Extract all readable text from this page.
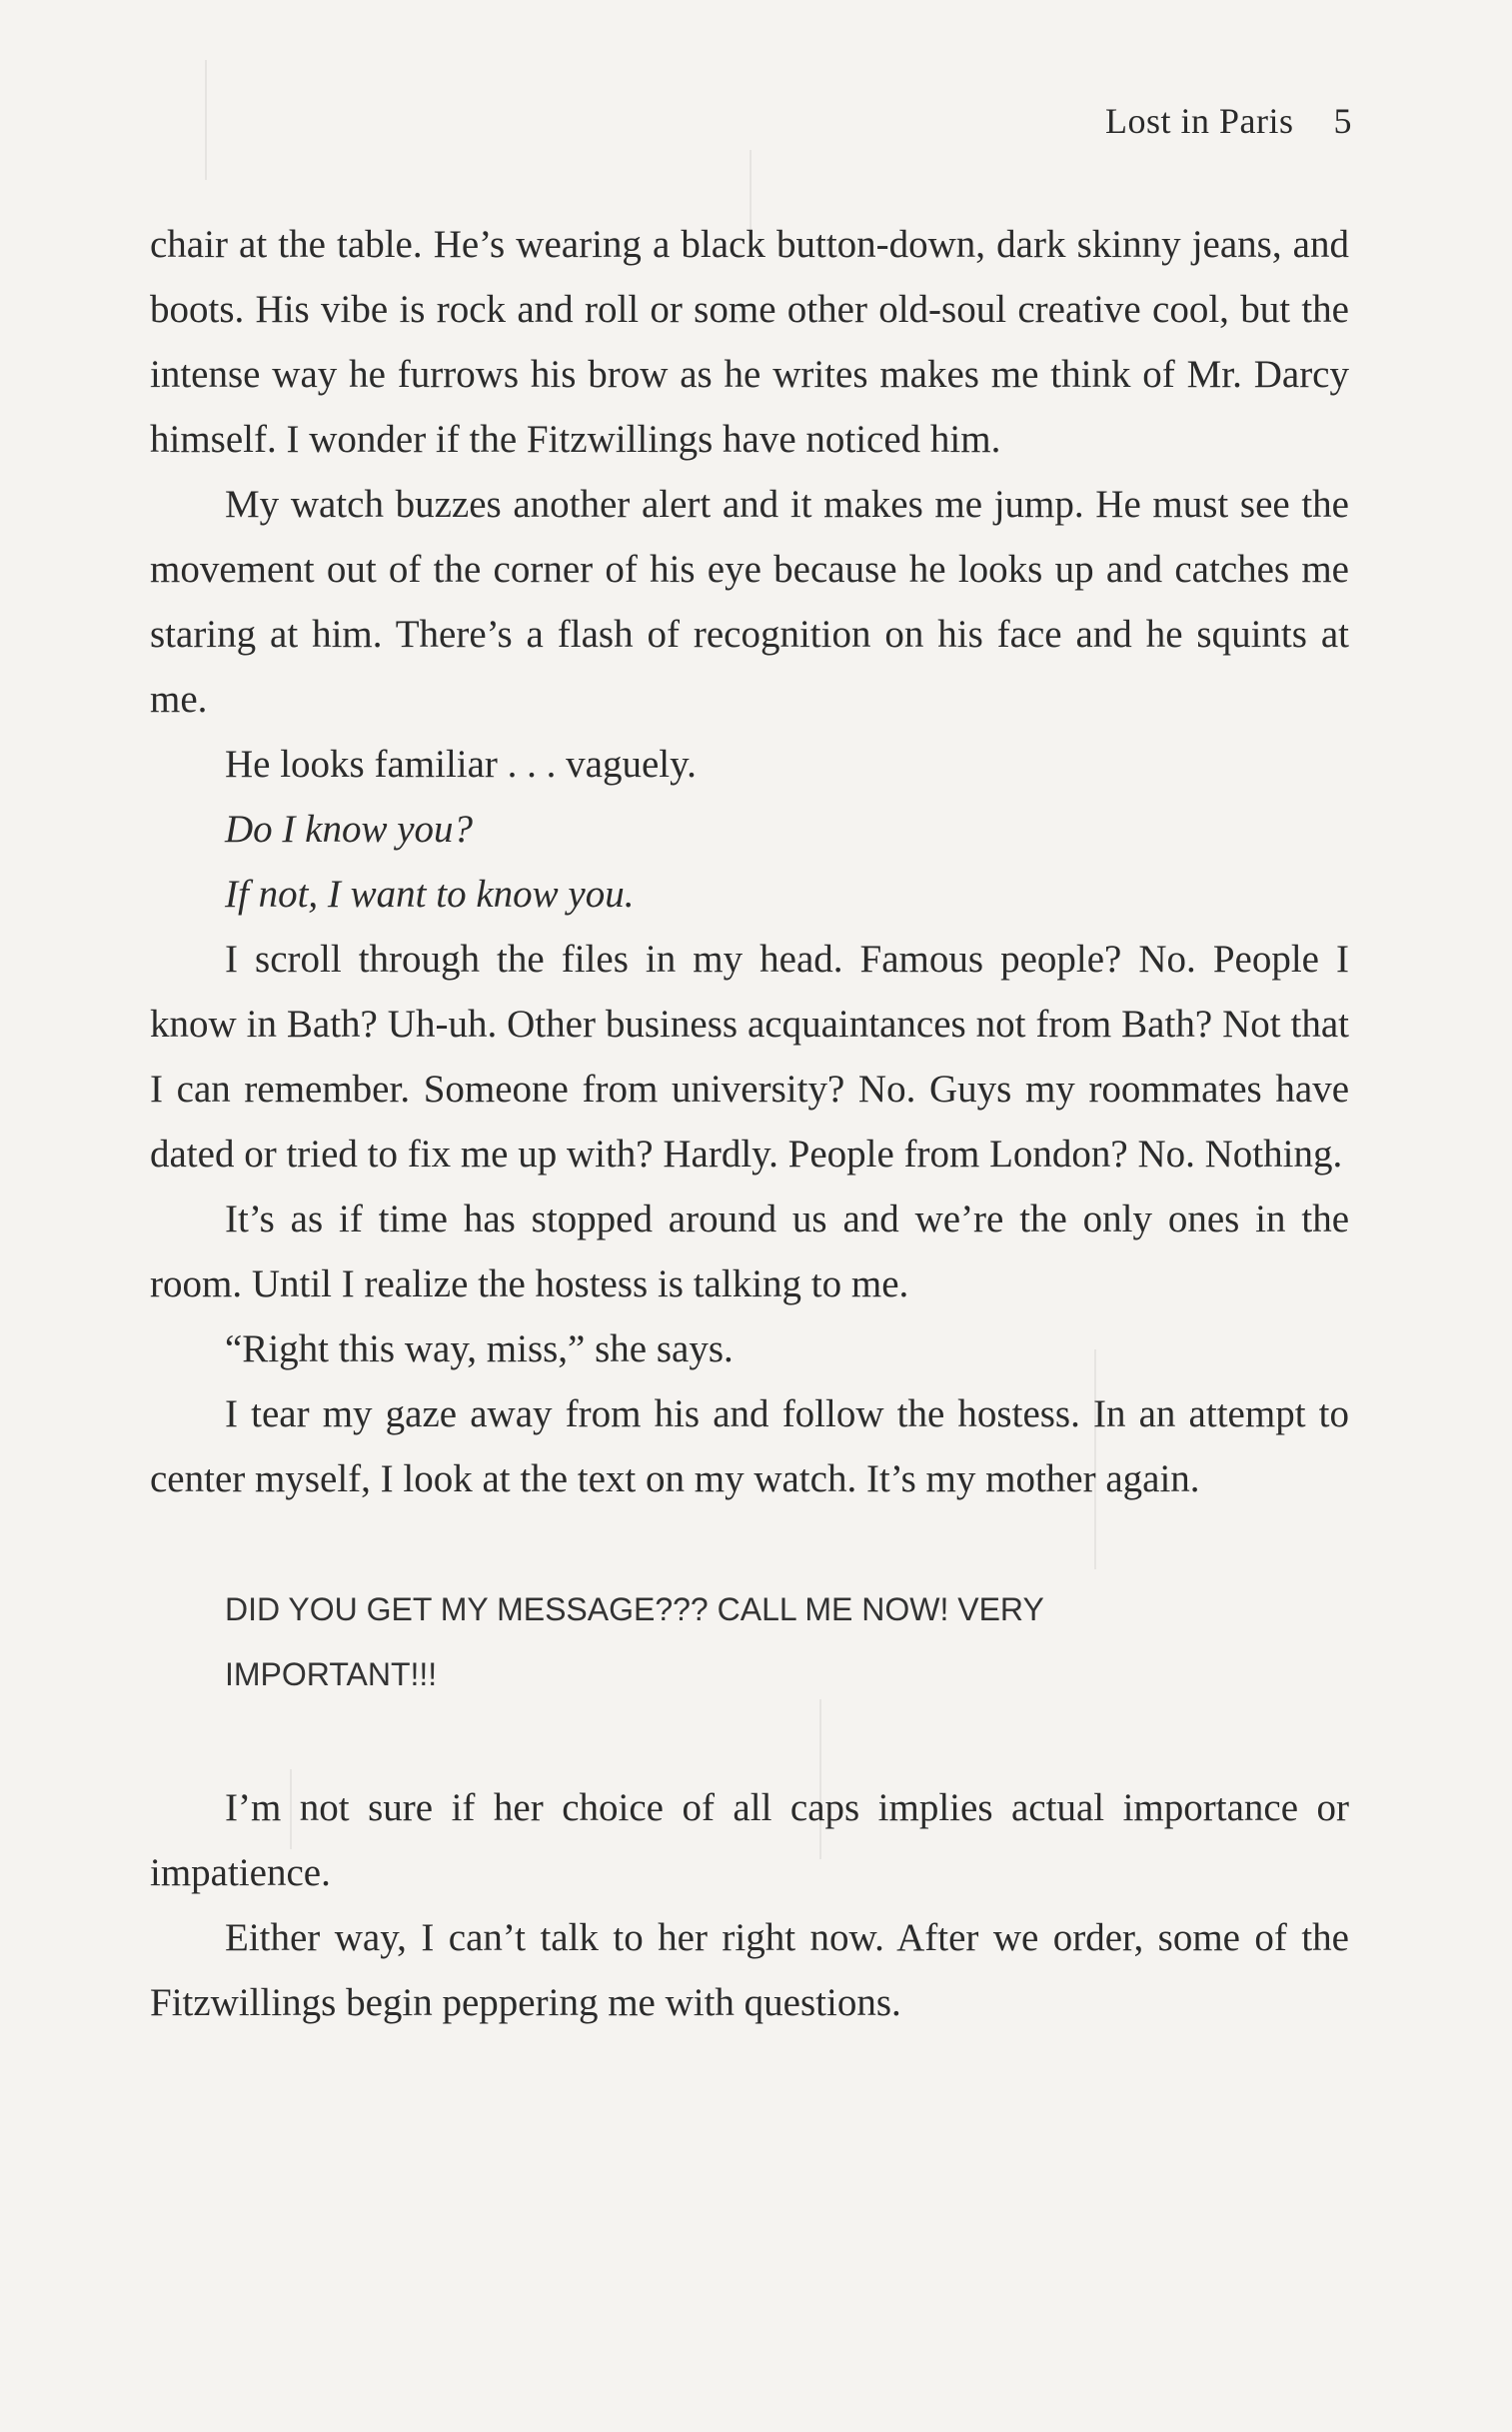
Lost in Paris 5

chair at the table. He’s wearing a black button-down, dark skinny jeans, and boots. His vibe is rock and roll or some other old-soul creative cool, but the intense way he furrows his brow as he writes makes me think of Mr. Darcy himself. I wonder if the Fitzwillings have noticed him.

My watch buzzes another alert and it makes me jump. He must see the movement out of the corner of his eye because he looks up and catches me staring at him. There’s a flash of recognition on his face and he squints at me.

He looks familiar . . . vaguely.

Do I know you?

If not, I want to know you.

I scroll through the files in my head. Famous people? No. People I know in Bath? Uh-uh. Other business acquaintances not from Bath? Not that I can remember. Someone from university? No. Guys my roommates have dated or tried to fix me up with? Hardly. People from London? No. Nothing.

It’s as if time has stopped around us and we’re the only ones in the room. Until I realize the hostess is talking to me.

“Right this way, miss,” she says.

I tear my gaze away from his and follow the hostess. In an attempt to center myself, I look at the text on my watch. It’s my mother again.

DID YOU GET MY MESSAGE??? CALL ME NOW! VERY IMPORTANT!!!

I’m not sure if her choice of all caps implies actual importance or impatience.

Either way, I can’t talk to her right now. After we order, some of the Fitzwillings begin peppering me with questions.
